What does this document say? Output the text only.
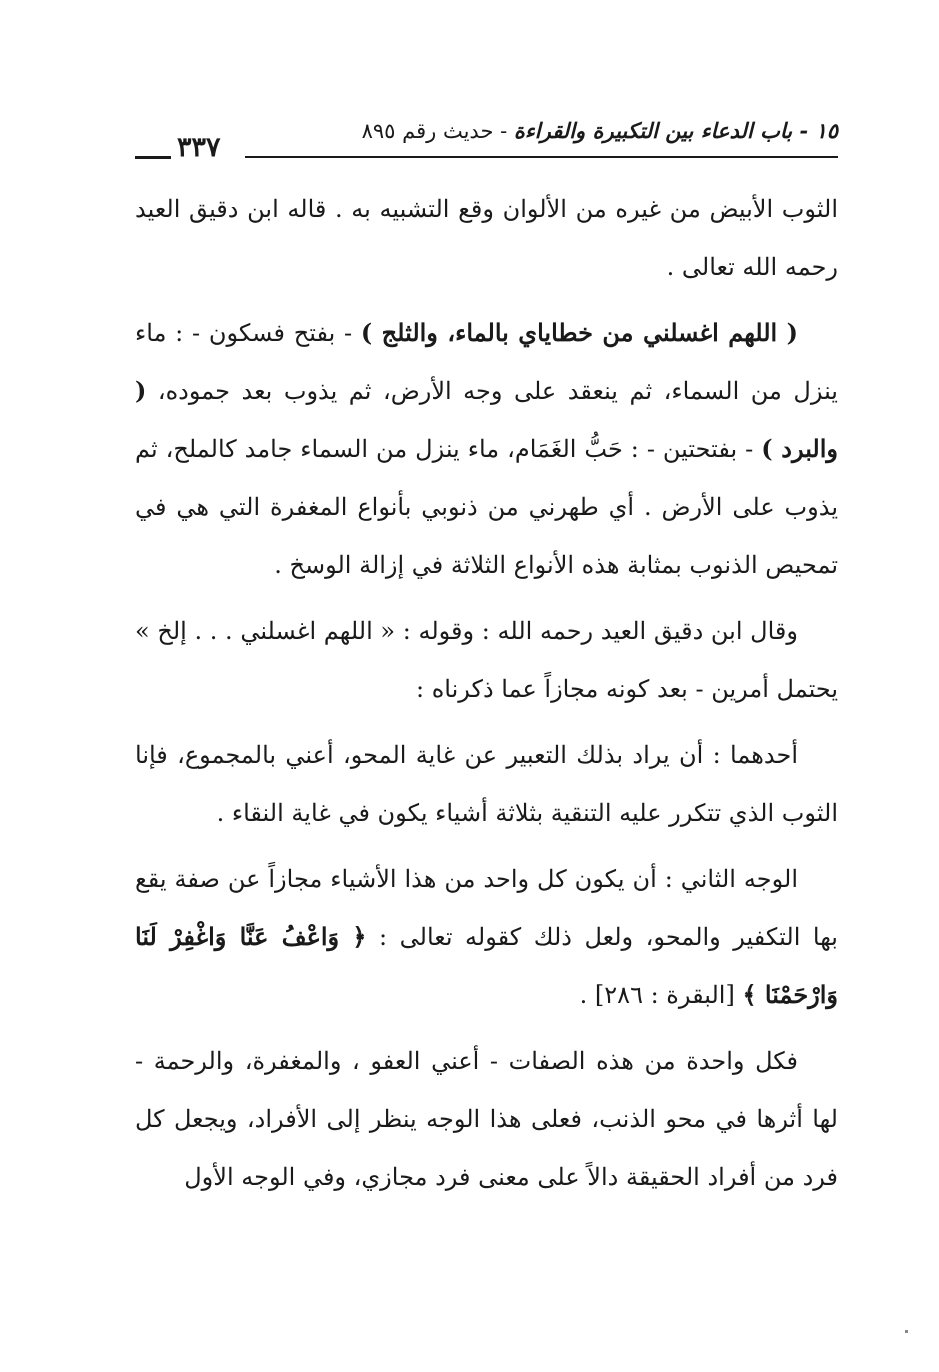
١٥ - باب الدعاء بين التكبيرة والقراءة - حديث رقم ٨٩٥
٣٣٧

الثوب الأبيض من غيره من الألوان وقع التشبيه به . قاله ابن دقيق العيد رحمه الله تعالى .

( اللهم اغسلني من خطاياي بالماء، والثلج ) - بفتح فسكون - : ماء ينزل من السماء، ثم ينعقد على وجه الأرض، ثم يذوب بعد جموده، ( والبرد ) - بفتحتين - : حَبُّ الغَمَام، ماء ينزل من السماء جامد كالملح، ثم يذوب على الأرض . أي طهرني من ذنوبي بأنواع المغفرة التي هي في تمحيص الذنوب بمثابة هذه الأنواع الثلاثة في إزالة الوسخ .

وقال ابن دقيق العيد رحمه الله : وقوله : « اللهم اغسلني . . . إلخ » يحتمل أمرين - بعد كونه مجازاً عما ذكرناه :

أحدهما : أن يراد بذلك التعبير عن غاية المحو، أعني بالمجموع، فإنا الثوب الذي تتكرر عليه التنقية بثلاثة أشياء يكون في غاية النقاء .

الوجه الثاني : أن يكون كل واحد من هذا الأشياء مجازاً عن صفة يقع بها التكفير والمحو، ولعل ذلك كقوله تعالى : ﴿ وَاعْفُ عَنَّا وَاغْفِرْ لَنَا وَارْحَمْنَا ﴾ [البقرة : ٢٨٦] .

فكل واحدة من هذه الصفات - أعني العفو ، والمغفرة، والرحمة - لها أثرها في محو الذنب، فعلى هذا الوجه ينظر إلى الأفراد، ويجعل كل فرد من أفراد الحقيقة دالاً على معنى فرد مجازي، وفي الوجه الأول
